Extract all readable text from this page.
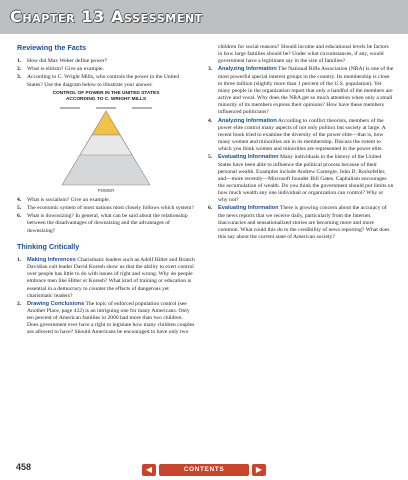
Chapter 13 Assessment
Reviewing the Facts
1. How did Max Weber define power?
2. What is elitism? Give an example.
3. According to C. Wright Mills, who controls the power in the United States? Use the diagram below to illustrate your answer.
CONTROL OF POWER IN THE UNITED STATES
ACCORDING TO C. WRIGHT MILLS
POWER
4. What is socialism? Give an example.
5. The economic system of most nations most closely follows which system?
6. What is downsizing? In general, what can be said about the relationship between the disadvantages of downsizing and the advantages of downsizing?
Thinking Critically
1. Making Inferences Charismatic leaders such as Adolf Hitler and Branch Davidian cult leader David Koresh show us that the ability to exert control over people has little to do with issues of right and wrong. Why do people embrace men like Hitler or Koresh? What kind of training or education is essential in a democracy to counter the effects of dangerous yet charismatic leaders?
2. Drawing Conclusions The topic of enforced population control (see Another Place, page 432) is an intriguing one for many Americans. Only ten percent of American families in 2000 had more than two children. Does government ever have a right to legislate how many children couples are allowed to have? Should Americans be encouraged to have only two
children for social reasons? Should income and educational levels be factors in how large families should be? Under what circumstances, if any, would government have a legitimate say in the size of families?
3. Analyzing Information The National Rifle Association (NRA) is one of the most powerful special interest groups in the country. Its membership is close to three million (slightly more than 1 percent of the U.S. population). Yet many people in the organization report that only a handful of the members are active and vocal. Why does the NRA get so much attention when only a small minority of its members express their opinions? How have these members influenced politicians?
4. Analyzing Information According to conflict theorists, members of the power elite control many aspects of not only politics but society at large. A recent book tried to examine the diversity of the power elite—that is, how many women and minorities are in its membership. Discuss the extent to which you think women and minorities are represented in the power elite.
5. Evaluating Information Many individuals in the history of the United States have been able to influence the political process because of their personal wealth. Examples include Andrew Carnegie, John D. Rockefeller, and—more recently—Microsoft founder Bill Gates. Capitalism encourages the accumulation of wealth. Do you think the government should put limits on how much wealth any one individual or organization can control? Why or why not?
6. Evaluating Information There is growing concern about the accuracy of the news reports that we receive daily, particularly from the Internet. Inaccuracies and sensationalized stories are becoming more and more common. What could this do to the credibility of news reporting? What does this say about the current state of American society?
458	◀	CONTENTS	▶
